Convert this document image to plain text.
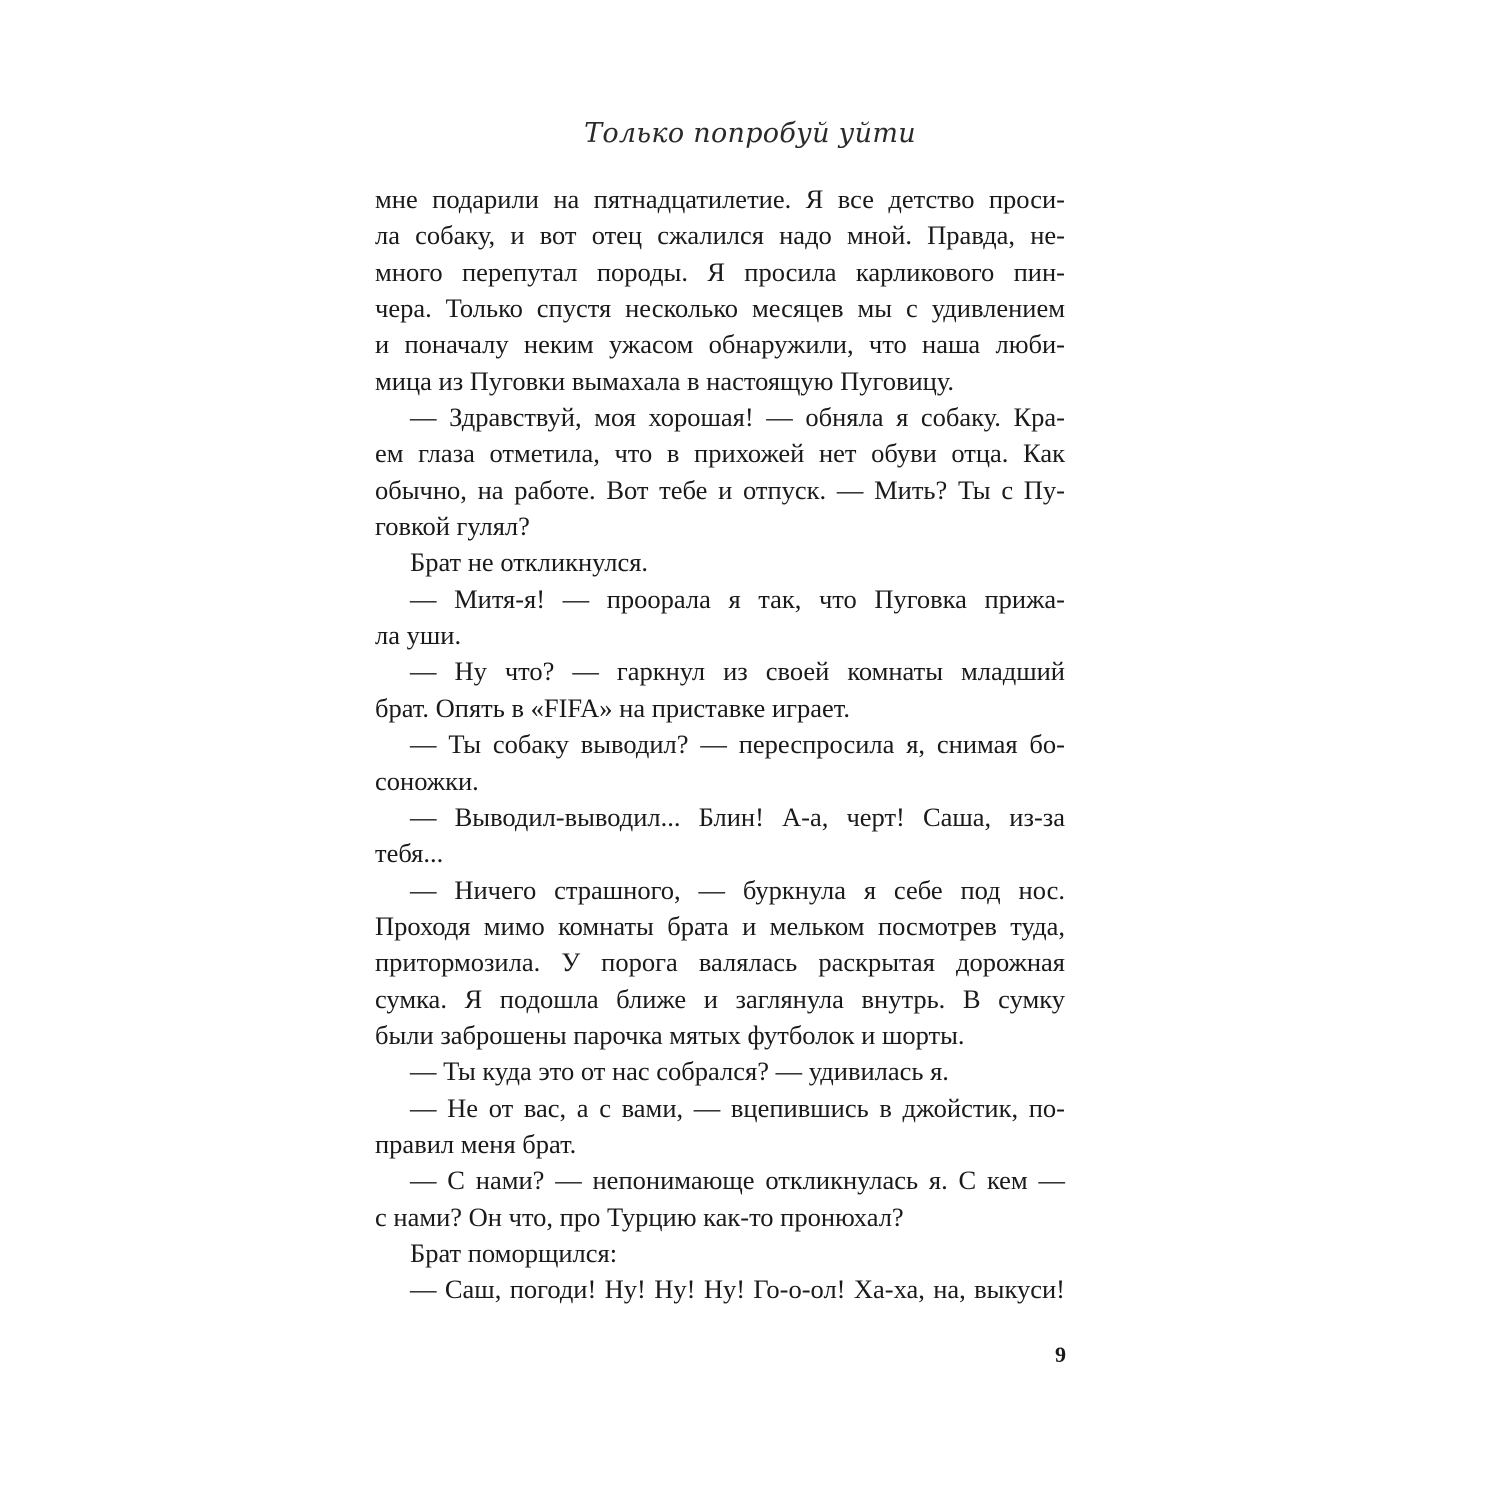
Только попробуй уйти
мне подарили на пятнадцатилетие. Я все детство проси-
ла собаку, и вот отец сжалился надо мной. Правда, не-
много перепутал породы. Я просила карликового пин-
чера. Только спустя несколько месяцев мы с удивлением
и поначалу неким ужасом обнаружили, что наша люби-
мица из Пуговки вымахала в настоящую Пуговицу.
— Здравствуй, моя хорошая! — обняла я собаку. Кра-
ем глаза отметила, что в прихожей нет обуви отца. Как
обычно, на работе. Вот тебе и отпуск. — Мить? Ты с Пу-
говкой гулял?
Брат не откликнулся.
— Митя-я! — проорала я так, что Пуговка прижа-
ла уши.
— Ну что? — гаркнул из своей комнаты младший
брат. Опять в «FIFA» на приставке играет.
— Ты собаку выводил? — переспросила я, снимая бо-
соножки.
— Выводил-выводил... Блин! А-а, черт! Саша, из-за
тебя...
— Ничего страшного, — буркнула я себе под нос.
Проходя мимо комнаты брата и мельком посмотрев туда,
притормозила. У порога валялась раскрытая дорожная
сумка. Я подошла ближе и заглянула внутрь. В сумку
были заброшены парочка мятых футболок и шорты.
— Ты куда это от нас собрался? — удивилась я.
— Не от вас, а с вами, — вцепившись в джойстик, по-
правил меня брат.
— С нами? — непонимающе откликнулась я. С кем —
с нами? Он что, про Турцию как-то пронюхал?
Брат поморщился:
— Саш, погоди! Ну! Ну! Ну! Го-о-ол! Ха-ха, на, выкуси!
9
